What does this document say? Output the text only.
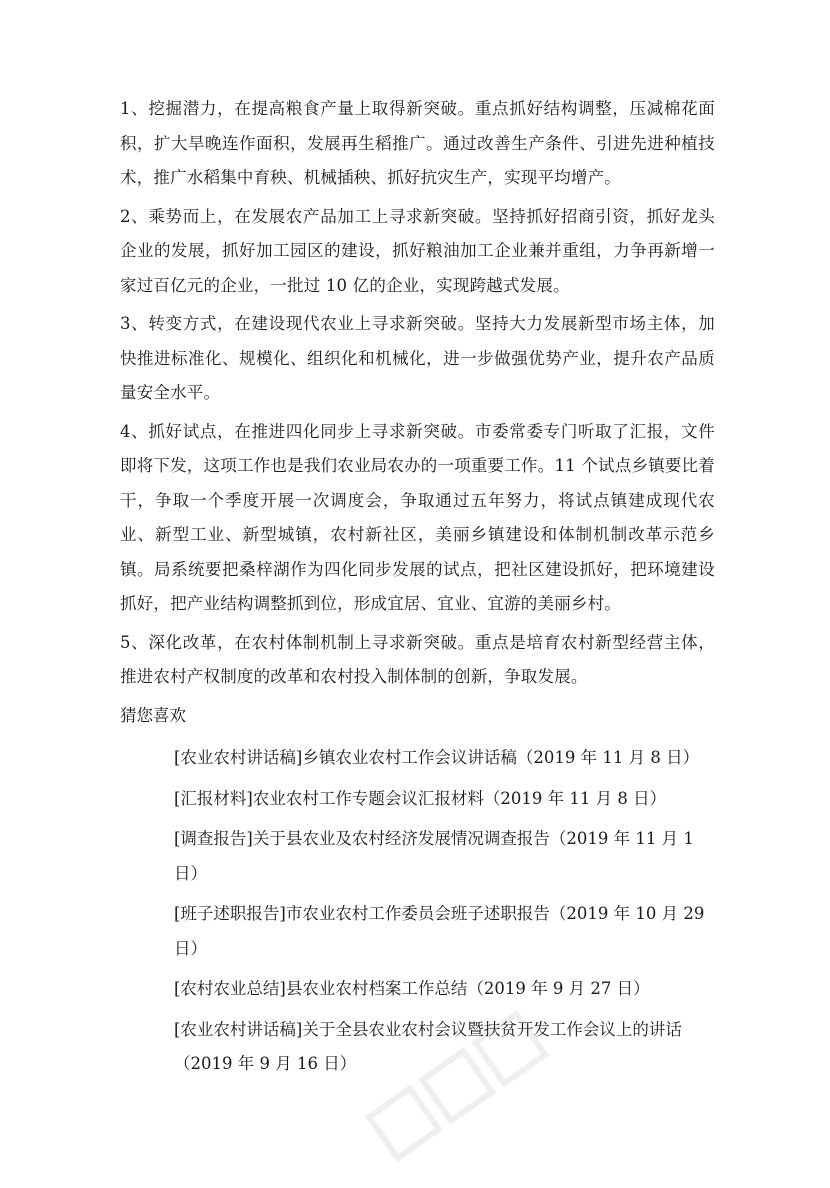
1、挖掘潜力，在提高粮食产量上取得新突破。重点抓好结构调整，压减棉花面积，扩大旱晚连作面积，发展再生稻推广。通过改善生产条件、引进先进种植技术，推广水稻集中育秧、机械插秧、抓好抗灾生产，实现平均增产。

2、乘势而上，在发展农产品加工上寻求新突破。坚持抓好招商引资，抓好龙头企业的发展，抓好加工园区的建设，抓好粮油加工企业兼并重组，力争再新增一家过百亿元的企业，一批过 10 亿的企业，实现跨越式发展。

3、转变方式，在建设现代农业上寻求新突破。坚持大力发展新型市场主体，加快推进标准化、规模化、组织化和机械化，进一步做强优势产业，提升农产品质量安全水平。

4、抓好试点，在推进四化同步上寻求新突破。市委常委专门听取了汇报，文件即将下发，这项工作也是我们农业局农办的一项重要工作。11 个试点乡镇要比着干，争取一个季度开展一次调度会，争取通过五年努力，将试点镇建成现代农业、新型工业、新型城镇，农村新社区，美丽乡镇建设和体制机制改革示范乡镇。局系统要把桑梓湖作为四化同步发展的试点，把社区建设抓好，把环境建设抓好，把产业结构调整抓到位，形成宜居、宜业、宜游的美丽乡村。

5、深化改革，在农村体制机制上寻求新突破。重点是培育农村新型经营主体，推进农村产权制度的改革和农村投入制体制的创新，争取发展。

猜您喜欢
[农业农村讲话稿]乡镇农业农村工作会议讲话稿（2019 年 11 月 8 日）
[汇报材料]农业农村工作专题会议汇报材料（2019 年 11 月 8 日）
[调查报告]关于县农业及农村经济发展情况调查报告（2019 年 11 月 1 日）
[班子述职报告]市农业农村工作委员会班子述职报告（2019 年 10 月 29 日）
[农村农业总结]县农业农村档案工作总结（2019 年 9 月 27 日）
[农业农村讲话稿]关于全县农业农村会议暨扶贫开发工作会议上的讲话（2019 年 9 月 16 日）
